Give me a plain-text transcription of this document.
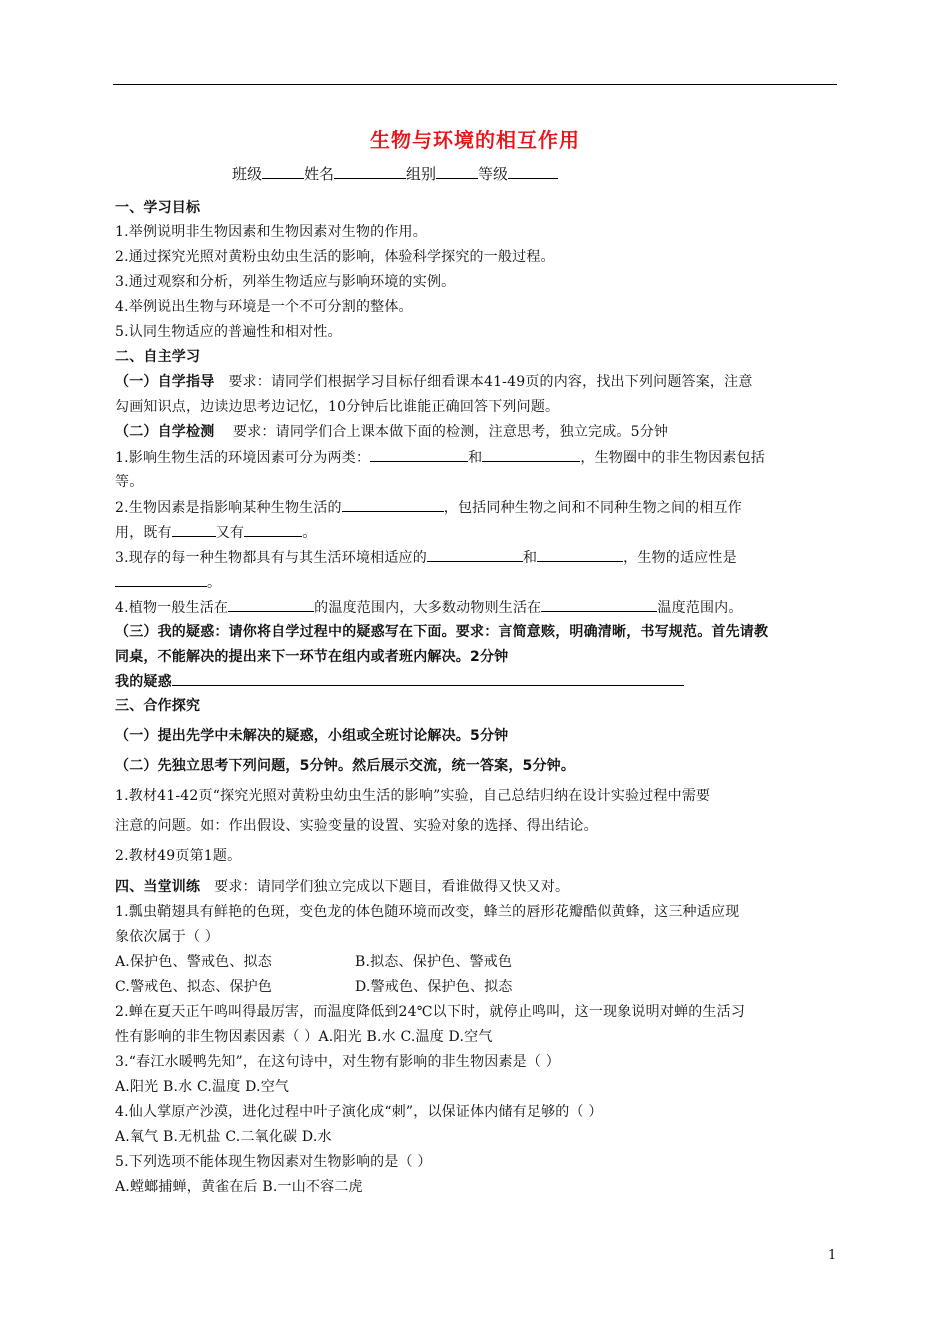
生物与环境的相互作用
班级	姓名	组别	等级
一、学习目标
1.举例说明非生物因素和生物因素对生物的作用。
2.通过探究光照对黄粉虫幼虫生活的影响，体验科学探究的一般过程。
3.通过观察和分析，列举生物适应与影响环境的实例。
4.举例说出生物与环境是一个不可分割的整体。
5.认同生物适应的普遍性和相对性。
二、自主学习
（一）自学指导 要求：请同学们根据学习目标仔细看课本41-49页的内容，找出下列问题答案，注意
勾画知识点，边读边思考边记忆，10分钟后比谁能正确回答下列问题。
（二）自学检测 要求：请同学们合上课本做下面的检测，注意思考，独立完成。5分钟
1.影响生物生活的环境因素可分为两类：	和	，生物圈中的非生物因素包括
等。
2.生物因素是指影响某种生物生活的	，包括同种生物之间和不同种生物之间的相互作
用，既有	又有	。
3.现存的每一种生物都具有与其生活环境相适应的	和	，生物的适应性是
。
4.植物一般生活在	的温度范围内，大多数动物则生活在	温度范围内。
（三）我的疑惑：请你将自学过程中的疑惑写在下面。要求：言简意赅，明确清晰，书写规范。首先请教
同桌，不能解决的提出来下一环节在组内或者班内解决。2分钟
我的疑惑
三、合作探究
（一）提出先学中未解决的疑惑，小组或全班讨论解决。5分钟
（二）先独立思考下列问题，5分钟。然后展示交流，统一答案，5分钟。
1.教材41-42页“探究光照对黄粉虫幼虫生活的影响”实验，自己总结归纳在设计实验过程中需要
注意的问题。如：作出假设、实验变量的设置、实验对象的选择、得出结论。
2.教材49页第1题。
四、当堂训练 要求：请同学们独立完成以下题目，看谁做得又快又对。
1.瓢虫鞘翅具有鲜艳的色斑，变色龙的体色随环境而改变，蜂兰的唇形花瓣酷似黄蜂，这三种适应现
象依次属于（ ）
A.保护色、警戒色、拟态	B.拟态、保护色、警戒色
C.警戒色、拟态、保护色	D.警戒色、保护色、拟态
2.蝉在夏天正午鸣叫得最厉害，而温度降低到24℃以下时，就停止鸣叫，这一现象说明对蝉的生活习
性有影响的非生物因素因素（ ）A.阳光 B.水 C.温度 D.空气
3.“春江水暖鸭先知”，在这句诗中，对生物有影响的非生物因素是（ ）
A.阳光 B.水 C.温度 D.空气
4.仙人掌原产沙漠，进化过程中叶子演化成“刺”，以保证体内储有足够的（ ）
A.氧气 B.无机盐 C.二氧化碳 D.水
5.下列选项不能体现生物因素对生物影响的是（ ）
A.螳螂捕蝉，黄雀在后 B.一山不容二虎
1
